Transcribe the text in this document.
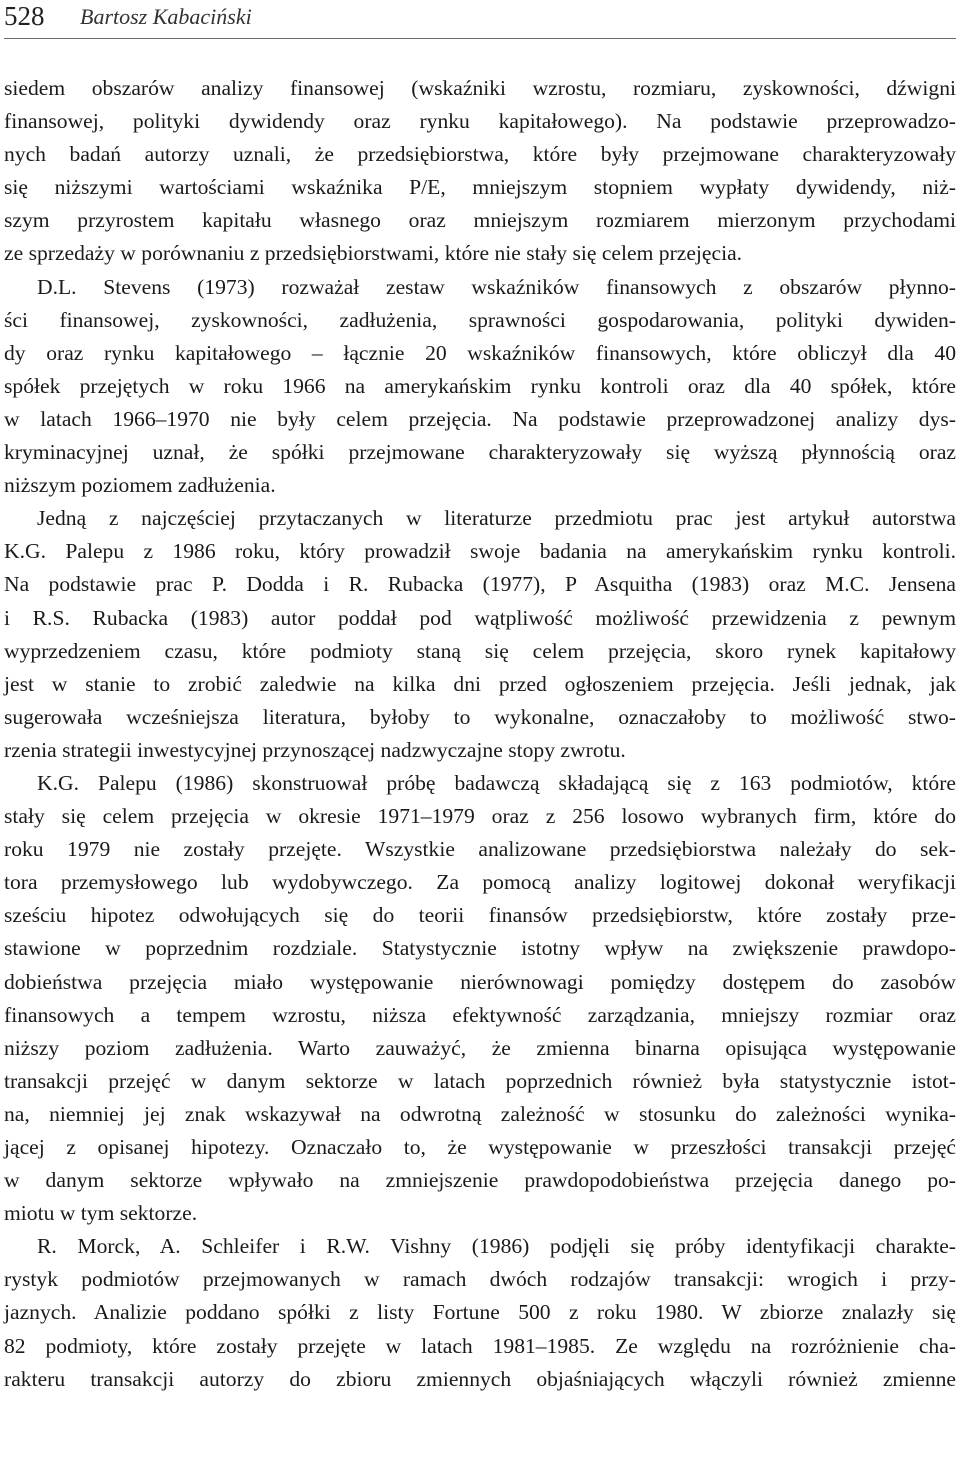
528 Bartosz Kabaciński

siedem obszarów analizy finansowej (wskaźniki wzrostu, rozmiaru, zyskowności, dźwigni

finansowej, polityki dywidendy oraz rynku kapitałowego). Na podstawie przeprowadzo-

nych badań autorzy uznali, że przedsiębiorstwa, które były przejmowane charakteryzowały

się niższymi wartościami wskaźnika P/E, mniejszym stopniem wypłaty dywidendy, niż-

szym przyrostem kapitału własnego oraz mniejszym rozmiarem mierzonym przychodami

ze sprzedaży w porównaniu z przedsiębiorstwami, które nie stały się celem przejęcia.

D.L. Stevens (1973) rozważał zestaw wskaźników finansowych z obszarów płynno-

ści finansowej, zyskowności, zadłużenia, sprawności gospodarowania, polityki dywiden-

dy oraz rynku kapitałowego – łącznie 20 wskaźników finansowych, które obliczył dla 40

spółek przejętych w roku 1966 na amerykańskim rynku kontroli oraz dla 40 spółek, które

w latach 1966–1970 nie były celem przejęcia. Na podstawie przeprowadzonej analizy dys-

kryminacyjnej uznał, że spółki przejmowane charakteryzowały się wyższą płynnością oraz

niższym poziomem zadłużenia.

Jedną z najczęściej przytaczanych w literaturze przedmiotu prac jest artykuł autorstwa

K.G. Palepu z 1986 roku, który prowadził swoje badania na amerykańskim rynku kontroli.

Na podstawie prac P. Dodda i R. Rubacka (1977), P Asquitha (1983) oraz M.C. Jensena

i R.S. Rubacka (1983) autor poddał pod wątpliwość możliwość przewidzenia z pewnym

wyprzedzeniem czasu, które podmioty staną się celem przejęcia, skoro rynek kapitałowy

jest w stanie to zrobić zaledwie na kilka dni przed ogłoszeniem przejęcia. Jeśli jednak, jak

sugerowała wcześniejsza literatura, byłoby to wykonalne, oznaczałoby to możliwość stwo-

rzenia strategii inwestycyjnej przynoszącej nadzwyczajne stopy zwrotu.

K.G. Palepu (1986) skonstruował próbę badawczą składającą się z 163 podmiotów, które

stały się celem przejęcia w okresie 1971–1979 oraz z 256 losowo wybranych firm, które do

roku 1979 nie zostały przejęte. Wszystkie analizowane przedsiębiorstwa należały do sek-

tora przemysłowego lub wydobywczego. Za pomocą analizy logitowej dokonał weryfikacji

sześciu hipotez odwołujących się do teorii finansów przedsiębiorstw, które zostały prze-

stawione w poprzednim rozdziale. Statystycznie istotny wpływ na zwiększenie prawdopo-

dobieństwa przejęcia miało występowanie nierównowagi pomiędzy dostępem do zasobów

finansowych a tempem wzrostu, niższa efektywność zarządzania, mniejszy rozmiar oraz

niższy poziom zadłużenia. Warto zauważyć, że zmienna binarna opisująca występowanie

transakcji przejęć w danym sektorze w latach poprzednich również była statystycznie istot-

na, niemniej jej znak wskazywał na odwrotną zależność w stosunku do zależności wynika-

jącej z opisanej hipotezy. Oznaczało to, że występowanie w przeszłości transakcji przejęć

w danym sektorze wpływało na zmniejszenie prawdopodobieństwa przejęcia danego po-

miotu w tym sektorze.

R. Morck, A. Schleifer i R.W. Vishny (1986) podjęli się próby identyfikacji charakte-

rystyk podmiotów przejmowanych w ramach dwóch rodzajów transakcji: wrogich i przy-

jaznych. Analizie poddano spółki z listy Fortune 500 z roku 1980. W zbiorze znalazły się

82 podmioty, które zostały przejęte w latach 1981–1985. Ze względu na rozróżnienie cha-

rakteru transakcji autorzy do zbioru zmiennych objaśniających włączyli również zmienne
